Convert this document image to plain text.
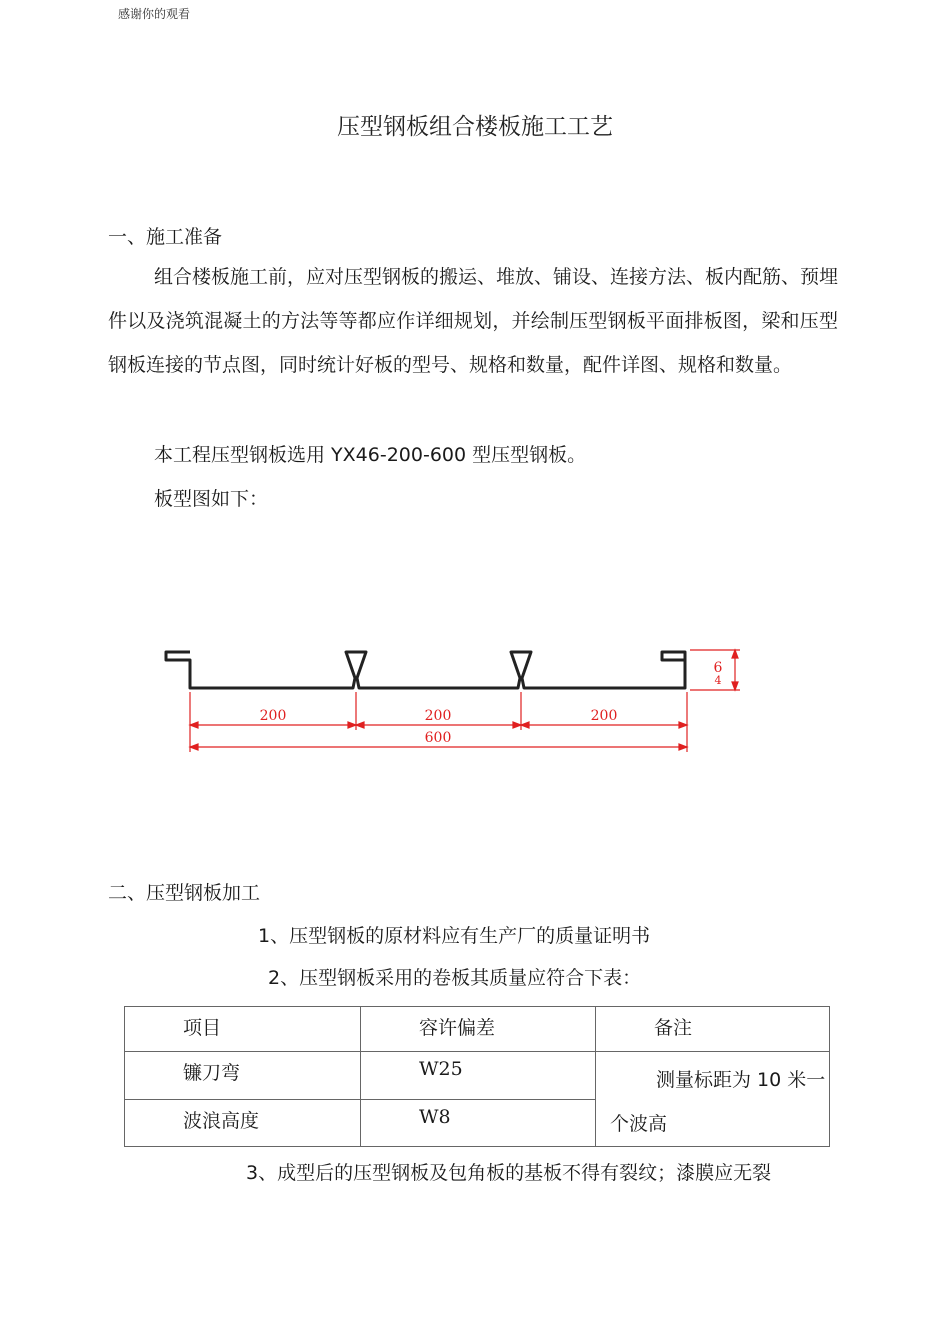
感谢你的观看
压型钢板组合楼板施工工艺
一、施工准备

组合楼板施工前，应对压型钢板的搬运、堆放、铺设、连接方法、板内配筋、预埋件以及浇筑混凝土的方法等等都应作详细规划，并绘制压型钢板平面排板图，梁和压型钢板连接的节点图，同时统计好板的型号、规格和数量，配件详图、规格和数量。

本工程压型钢板选用 YX46-200-600 型压型钢板。
板型图如下：
200	200	200
600
6
4
二、压型钢板加工
1、压型钢板的原材料应有生产厂的质量证明书
2、压型钢板采用的卷板其质量应符合下表：
项目	容许偏差	备注

镰刀弯	W25	测量标距为 10 米一个波高

波浪高度	W8	
3、成型后的压型钢板及包角板的基板不得有裂纹；漆膜应无裂
